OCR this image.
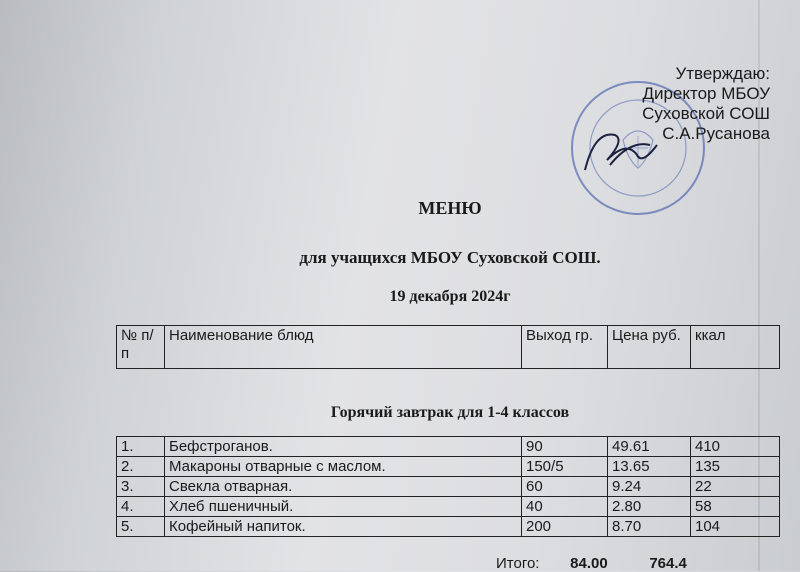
Утверждаю:
Директор МБОУ
Суховской СОШ
С.А.Русанова
МЕНЮ
для учащихся МБОУ Суховской СОШ.
19 декабря 2024г
№ п/п	Наименование блюд	Выход гр.	Цена руб.	ккал
Горячий завтрак для 1-4 классов
1.	Бефстроганов.	90	49.61	410
2.	Макароны отварные с маслом.	150/5	13.65	135
3.	Свекла отварная.	60	9.24	22
4.	Хлеб пшеничный.	40	2.80	58
5.	Кофейный напиток.	200	8.70	104
Итого: 84.00	764.4
